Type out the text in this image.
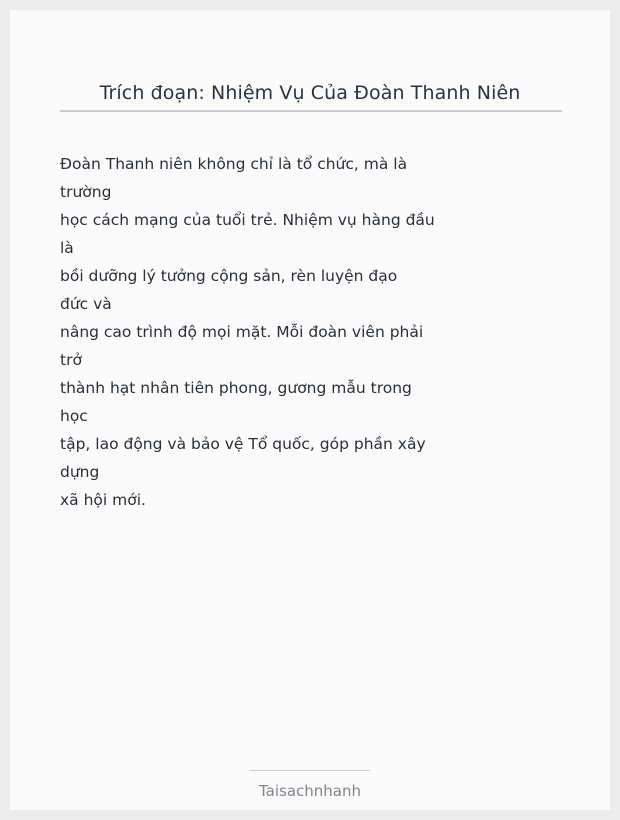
Trích đoạn: Nhiệm Vụ Của Đoàn Thanh Niên
Đoàn Thanh niên không chỉ là tổ chức, mà là
trường
học cách mạng của tuổi trẻ. Nhiệm vụ hàng đầu
là
bồi dưỡng lý tưởng cộng sản, rèn luyện đạo
đức và
nâng cao trình độ mọi mặt. Mỗi đoàn viên phải
trở
thành hạt nhân tiên phong, gương mẫu trong
học
tập, lao động và bảo vệ Tổ quốc, góp phần xây
dựng
xã hội mới.
Taisachnhanh
